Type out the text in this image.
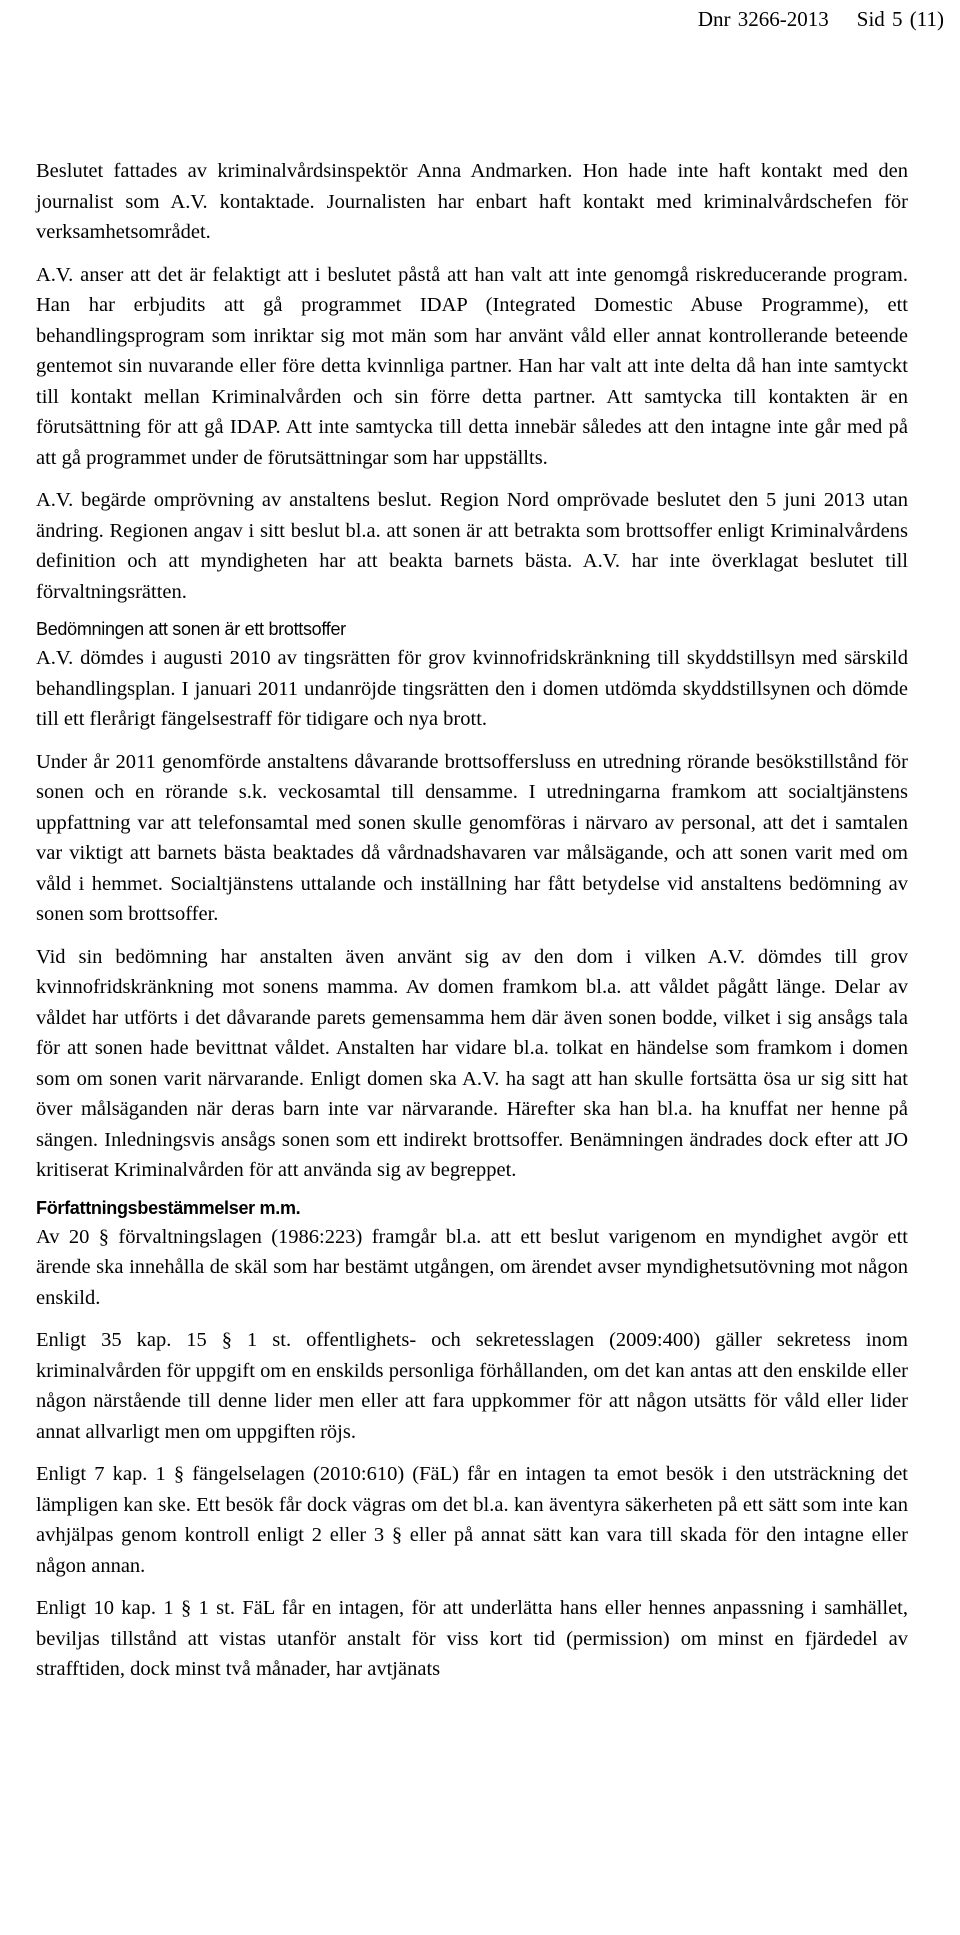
Dnr 3266-2013 Sid 5 (11)

Beslutet fattades av kriminalvårdsinspektör Anna Andmarken. Hon hade inte haft kontakt med den journalist som A.V. kontaktade. Journalisten har enbart haft kontakt med kriminalvårdschefen för verksamhetsområdet.

A.V. anser att det är felaktigt att i beslutet påstå att han valt att inte genomgå riskreducerande program. Han har erbjudits att gå programmet IDAP (Integrated Domestic Abuse Programme), ett behandlingsprogram som inriktar sig mot män som har använt våld eller annat kontrollerande beteende gentemot sin nuvarande eller före detta kvinnliga partner. Han har valt att inte delta då han inte samtyckt till kontakt mellan Kriminalvården och sin förre detta partner. Att samtycka till kontakten är en förutsättning för att gå IDAP. Att inte samtycka till detta innebär således att den intagne inte går med på att gå programmet under de förutsättningar som har uppställts.

A.V. begärde omprövning av anstaltens beslut. Region Nord omprövade beslutet den 5 juni 2013 utan ändring. Regionen angav i sitt beslut bl.a. att sonen är att betrakta som brottsoffer enligt Kriminalvårdens definition och att myndigheten har att beakta barnets bästa. A.V. har inte överklagat beslutet till förvaltningsrätten.

Bedömningen att sonen är ett brottsoffer

A.V. dömdes i augusti 2010 av tingsrätten för grov kvinnofridskränkning till skyddstillsyn med särskild behandlingsplan. I januari 2011 undanröjde tingsrätten den i domen utdömda skyddstillsynen och dömde till ett flerårigt fängelsestraff för tidigare och nya brott.

Under år 2011 genomförde anstaltens dåvarande brottsoffersluss en utredning rörande besökstillstånd för sonen och en rörande s.k. veckosamtal till densamme. I utredningarna framkom att socialtjänstens uppfattning var att telefonsamtal med sonen skulle genomföras i närvaro av personal, att det i samtalen var viktigt att barnets bästa beaktades då vårdnadshavaren var målsägande, och att sonen varit med om våld i hemmet. Socialtjänstens uttalande och inställning har fått betydelse vid anstaltens bedömning av sonen som brottsoffer.

Vid sin bedömning har anstalten även använt sig av den dom i vilken A.V. dömdes till grov kvinnofridskränkning mot sonens mamma. Av domen framkom bl.a. att våldet pågått länge. Delar av våldet har utförts i det dåvarande parets gemensamma hem där även sonen bodde, vilket i sig ansågs tala för att sonen hade bevittnat våldet. Anstalten har vidare bl.a. tolkat en händelse som framkom i domen som om sonen varit närvarande. Enligt domen ska A.V. ha sagt att han skulle fortsätta ösa ur sig sitt hat över målsäganden när deras barn inte var närvarande. Härefter ska han bl.a. ha knuffat ner henne på sängen. Inledningsvis ansågs sonen som ett indirekt brottsoffer. Benämningen ändrades dock efter att JO kritiserat Kriminalvården för att använda sig av begreppet.

Författningsbestämmelser m.m.

Av 20 § förvaltningslagen (1986:223) framgår bl.a. att ett beslut varigenom en myndighet avgör ett ärende ska innehålla de skäl som har bestämt utgången, om ärendet avser myndighetsutövning mot någon enskild.

Enligt 35 kap. 15 § 1 st. offentlighets- och sekretesslagen (2009:400) gäller sekretess inom kriminalvården för uppgift om en enskilds personliga förhållanden, om det kan antas att den enskilde eller någon närstående till denne lider men eller att fara uppkommer för att någon utsätts för våld eller lider annat allvarligt men om uppgiften röjs.

Enligt 7 kap. 1 § fängelselagen (2010:610) (FäL) får en intagen ta emot besök i den utsträckning det lämpligen kan ske. Ett besök får dock vägras om det bl.a. kan äventyra säkerheten på ett sätt som inte kan avhjälpas genom kontroll enligt 2 eller 3 § eller på annat sätt kan vara till skada för den intagne eller någon annan.

Enligt 10 kap. 1 § 1 st. FäL får en intagen, för att underlätta hans eller hennes anpassning i samhället, beviljas tillstånd att vistas utanför anstalt för viss kort tid (permission) om minst en fjärdedel av strafftiden, dock minst två månader, har avtjänats
